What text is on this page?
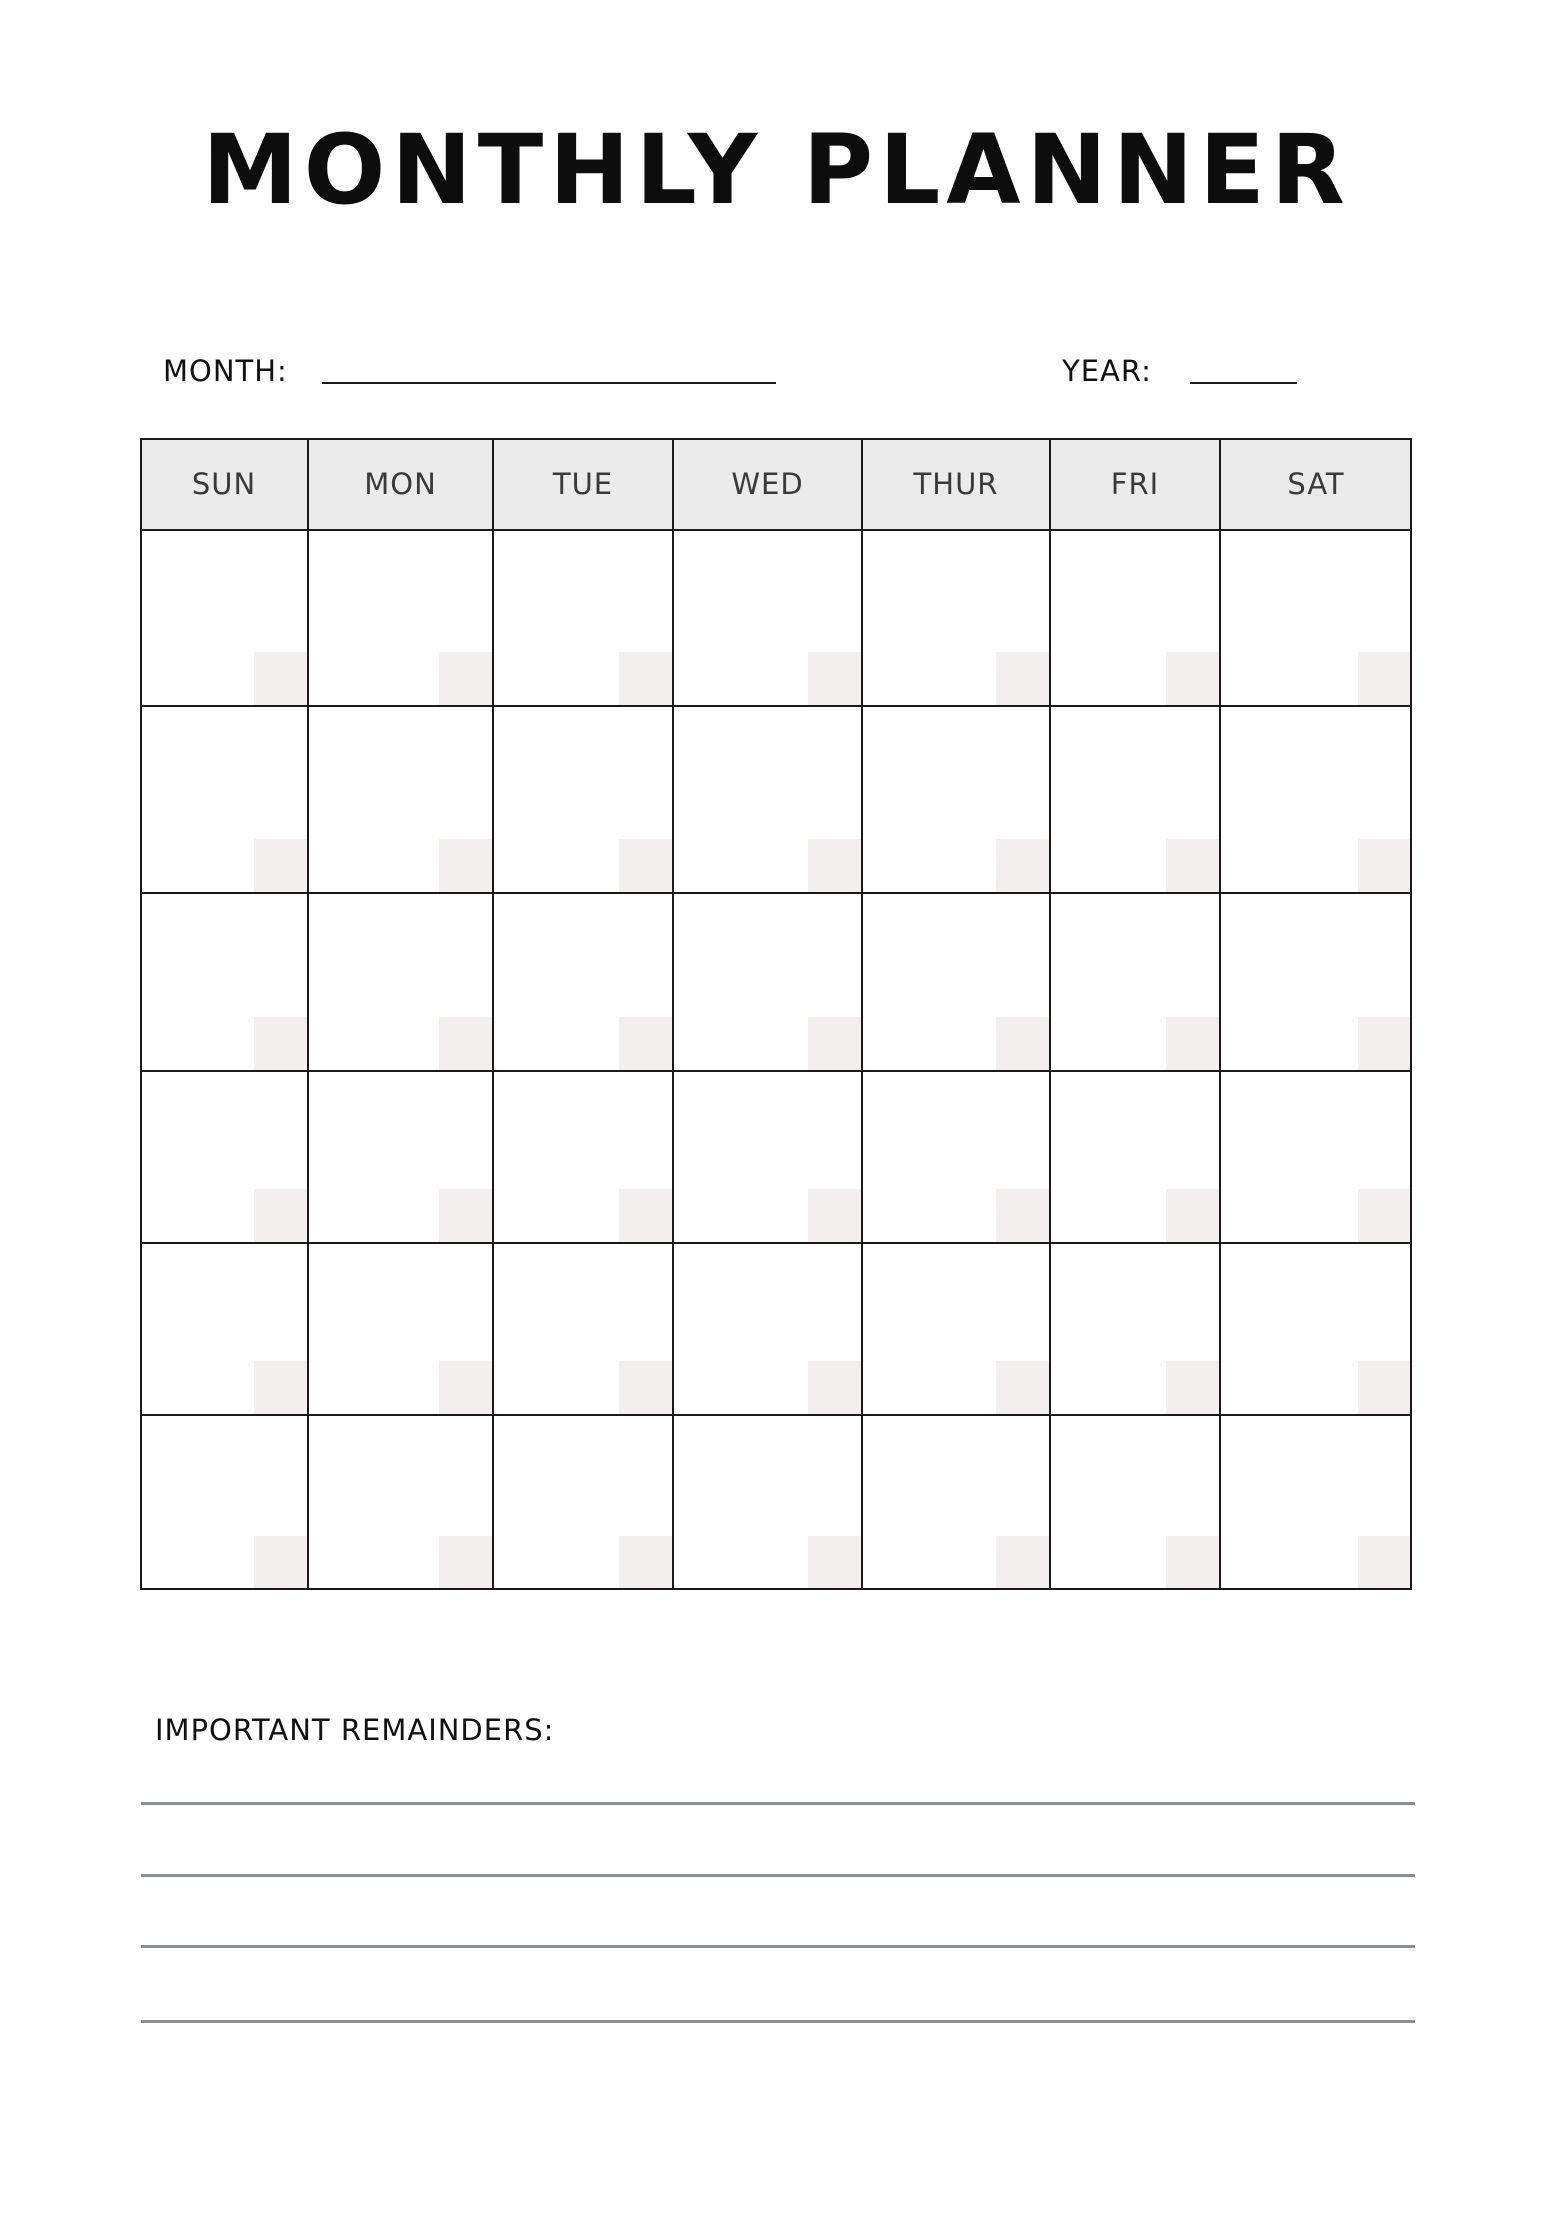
MONTHLY PLANNER
MONTH:	YEAR:
SUN	MON	TUE	WED	THUR	FRI	SAT
IMPORTANT REMAINDERS:
